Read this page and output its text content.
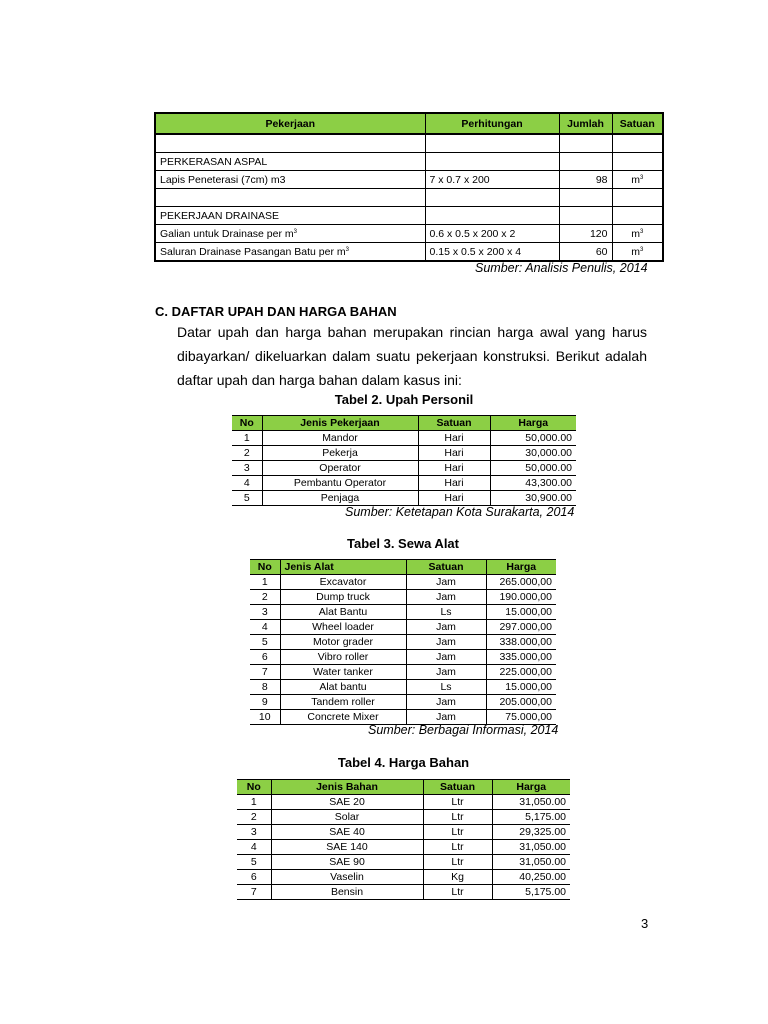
Pekerjaan	Perhitungan	Jumlah	Satuan

PERKERASAN ASPAL			
Lapis Peneterasi (7cm) m3	7 x 0.7 x 200	98	$m^3$

PEKERJAAN DRAINASE			
Galian untuk Drainase per $m^3$	0.6 x 0.5 x 200 x 2	120	$m^3$
Saluran Drainase Pasangan Batu per $m^3$	0.15 x 0.5 x 200 x 4	60	$m^3$
Sumber: Analisis Penulis, 2014
C. DAFTAR UPAH DAN HARGA BAHAN
Datar upah dan harga bahan merupakan rincian harga awal yang harus dibayarkan/ dikeluarkan dalam suatu pekerjaan konstruksi. Berikut adalah daftar upah dan harga bahan dalam kasus ini:
Tabel 2. Upah Personil
No	Jenis Pekerjaan	Satuan	Harga
1	Mandor	Hari	50,000.00
2	Pekerja	Hari	30,000.00
3	Operator	Hari	50,000.00
4	Pembantu Operator	Hari	43,300.00
5	Penjaga	Hari	30,900.00
Sumber: Ketetapan Kota Surakarta, 2014
Tabel 3. Sewa Alat
No	Jenis Alat	Satuan	Harga
1	Excavator	Jam	265.000,00
2	Dump truck	Jam	190.000,00
3	Alat Bantu	Ls	15.000,00
4	Wheel loader	Jam	297.000,00
5	Motor grader	Jam	338.000,00
6	Vibro roller	Jam	335.000,00
7	Water tanker	Jam	225.000,00
8	Alat bantu	Ls	15.000,00
9	Tandem roller	Jam	205.000,00
10	Concrete Mixer	Jam	75.000,00
Sumber: Berbagai Informasi, 2014
Tabel 4. Harga Bahan
No	Jenis Bahan	Satuan	Harga
1	SAE 20	Ltr	31,050.00
2	Solar	Ltr	5,175.00
3	SAE 40	Ltr	29,325.00
4	SAE 140	Ltr	31,050.00
5	SAE 90	Ltr	31,050.00
6	Vaselin	Kg	40,250.00
7	Bensin	Ltr	5,175.00
3
